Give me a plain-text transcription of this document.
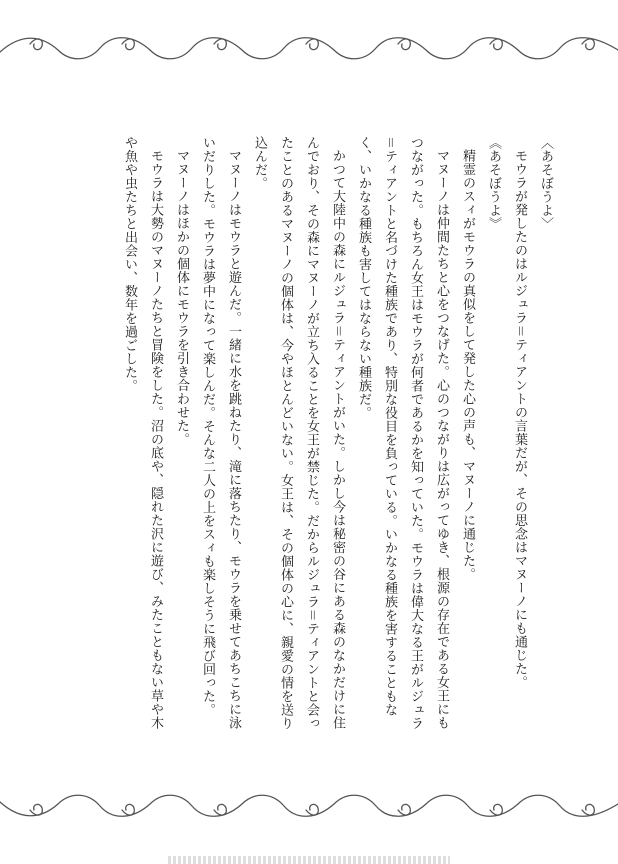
〈あそぼうよ〉

モウラが発したのはルジュラ＝ティアントの言葉だが、その思念はマヌーノにも通じた。

《あそぼうよ》

精霊のスィがモウラの真似をして発した心の声も、マヌーノに通じた。

マヌーノは仲間たちと心をつなげた。心のつながりは広がってゆき、根源の存在である女王にもつながった。もちろん女王はモウラが何者であるかを知っていた。モウラは偉大なる王がルジュラ＝ティアントと名づけた種族であり、特別な役目を負っている。いかなる種族を害することもなく、いかなる種族も害してはならない種族だ。

かつて大陸中の森にルジュラ＝ティアントがいた。しかし今は秘密の谷にある森のなかだけに住んでおり、その森にマヌーノが立ち入ることを女王が禁じた。だからルジュラ＝ティアントと会ったことのあるマヌーノの個体は、今やほとんどいない。女王は、その個体の心に、親愛の情を送り込んだ。

マヌーノはモウラと遊んだ。一緒に水を跳ねたり、滝に落ちたり、モウラを乗せてあちこちに泳いだりした。モウラは夢中になって楽しんだ。そんな二人の上をスィも楽しそうに飛び回った。

マヌーノはほかの個体にモウラを引き合わせた。

モウラは大勢のマヌーノたちと冒険をした。沼の底や、隠れた沢に遊び、みたこともない草や木や魚や虫たちと出会い、数年を過ごした。
